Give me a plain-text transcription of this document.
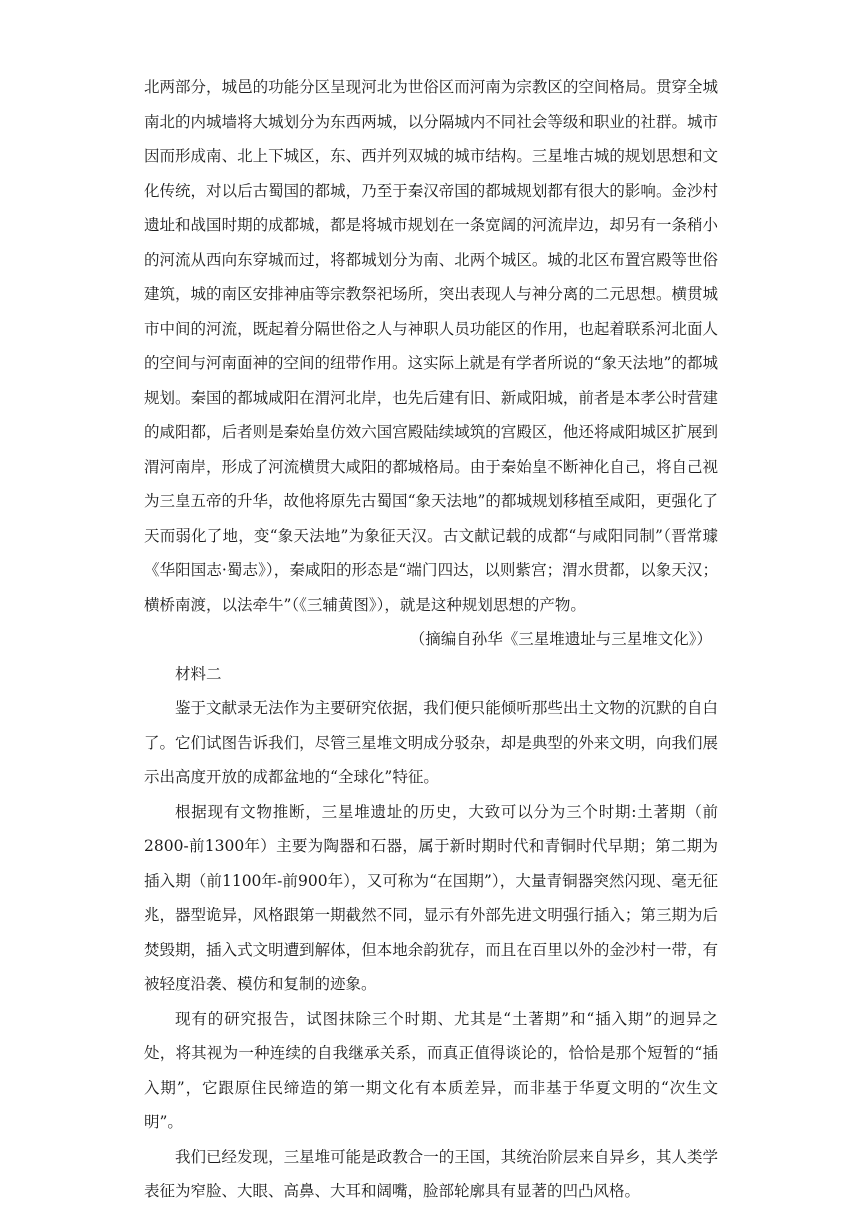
北两部分，城邑的功能分区呈现河北为世俗区而河南为宗教区的空间格局。贯穿全城南北的内城墙将大城划分为东西两城，以分隔城内不同社会等级和职业的社群。城市因而形成南、北上下城区，东、西并列双城的城市结构。三星堆古城的规划思想和文化传统，对以后古蜀国的都城，乃至于秦汉帝国的都城规划都有很大的影响。金沙村遗址和战国时期的成都城，都是将城市规划在一条宽阔的河流岸边，却另有一条稍小的河流从西向东穿城而过，将都城划分为南、北两个城区。城的北区布置宫殿等世俗建筑，城的南区安排神庙等宗教祭祀场所，突出表现人与神分离的二元思想。横贯城市中间的河流，既起着分隔世俗之人与神职人员功能区的作用，也起着联系河北面人的空间与河南面神的空间的纽带作用。这实际上就是有学者所说的“象天法地”的都城规划。秦国的都城咸阳在渭河北岸，也先后建有旧、新咸阳城，前者是本孝公时营建的咸阳都，后者则是秦始皇仿效六国宫殿陆续域筑的宫殿区，他还将咸阳城区扩展到渭河南岸，形成了河流横贯大咸阳的都城格局。由于秦始皇不断神化自己，将自己视为三皇五帝的升华，故他将原先古蜀国“象天法地”的都城规划移植至咸阳，更强化了天而弱化了地，变“象天法地”为象征天汉。古文献记载的成都“与咸阳同制”（晋常璩《华阳国志·蜀志》），秦咸阳的形态是“端门四达，以则紫宫；渭水贯都，以象天汉；横桥南渡，以法牵牛”（《三辅黄图》），就是这种规划思想的产物。

（摘编自孙华《三星堆遗址与三星堆文化》）

材料二

鉴于文献录无法作为主要研究依据，我们便只能倾听那些出土文物的沉默的自白了。它们试图告诉我们，尽管三星堆文明成分驳杂，却是典型的外来文明，向我们展示出高度开放的成都盆地的“全球化”特征。

根据现有文物推断，三星堆遗址的历史，大致可以分为三个时期:土著期（前2800-前1300年）主要为陶器和石器，属于新时期时代和青铜时代早期；第二期为插入期（前1100年-前900年），又可称为“在国期”），大量青铜器突然闪现、毫无征兆，器型诡异，风格跟第一期截然不同，显示有外部先进文明强行插入；第三期为后焚毁期，插入式文明遭到解体，但本地余韵犹存，而且在百里以外的金沙村一带，有被轻度沿袭、模仿和复制的迹象。

现有的研究报告，试图抹除三个时期、尤其是“土著期”和“插入期”的迥异之处，将其视为一种连续的自我继承关系，而真正值得谈论的，恰恰是那个短暂的“插入期”，它跟原住民缔造的第一期文化有本质差异，而非基于华夏文明的“次生文明”。

我们已经发现，三星堆可能是政教合一的王国，其统治阶层来自异乡，其人类学表征为窄脸、大眼、高鼻、大耳和阔嘴，脸部轮廓具有显著的凹凸风格。
